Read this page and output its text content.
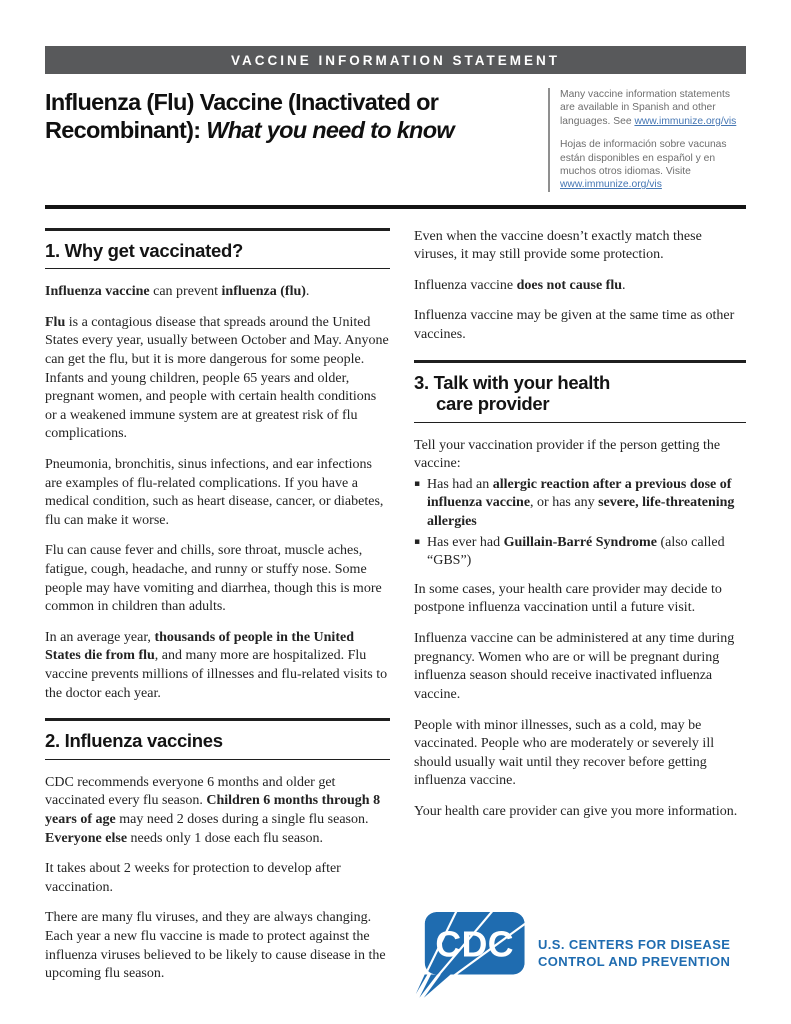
VACCINE INFORMATION STATEMENT
Influenza (Flu) Vaccine (Inactivated or Recombinant): What you need to know

Many vaccine information statements are available in Spanish and other languages. See www.immunize.org/vis

Hojas de información sobre vacunas están disponibles en español y en muchos otros idiomas. Visite www.immunize.org/vis

1. Why get vaccinated?

Influenza vaccine can prevent influenza (flu).

Flu is a contagious disease that spreads around the United States every year, usually between October and May. Anyone can get the flu, but it is more dangerous for some people. Infants and young children, people 65 years and older, pregnant women, and people with certain health conditions or a weakened immune system are at greatest risk of flu complications.

Pneumonia, bronchitis, sinus infections, and ear infections are examples of flu-related complications. If you have a medical condition, such as heart disease, cancer, or diabetes, flu can make it worse.

Flu can cause fever and chills, sore throat, muscle aches, fatigue, cough, headache, and runny or stuffy nose. Some people may have vomiting and diarrhea, though this is more common in children than adults.

In an average year, thousands of people in the United States die from flu, and many more are hospitalized. Flu vaccine prevents millions of illnesses and flu-related visits to the doctor each year.

2. Influenza vaccines

CDC recommends everyone 6 months and older get vaccinated every flu season. Children 6 months through 8 years of age may need 2 doses during a single flu season. Everyone else needs only 1 dose each flu season.

It takes about 2 weeks for protection to develop after vaccination.

There are many flu viruses, and they are always changing. Each year a new flu vaccine is made to protect against the influenza viruses believed to be likely to cause disease in the upcoming flu season.

Even when the vaccine doesn’t exactly match these viruses, it may still provide some protection.

Influenza vaccine does not cause flu.

Influenza vaccine may be given at the same time as other vaccines.

3. Talk with your health
care provider

Tell your vaccination provider if the person getting the vaccine:

▪ Has had an allergic reaction after a previous dose of influenza vaccine, or has any severe, life-threatening allergies
▪ Has ever had Guillain-Barré Syndrome (also called “GBS”)

In some cases, your health care provider may decide to postpone influenza vaccination until a future visit.

Influenza vaccine can be administered at any time during pregnancy. Women who are or will be pregnant during influenza season should receive inactivated influenza vaccine.

People with minor illnesses, such as a cold, may be vaccinated. People who are moderately or severely ill should usually wait until they recover before getting influenza vaccine.

Your health care provider can give you more information.

CDC U.S. CENTERS FOR DISEASE
CONTROL AND PREVENTION
